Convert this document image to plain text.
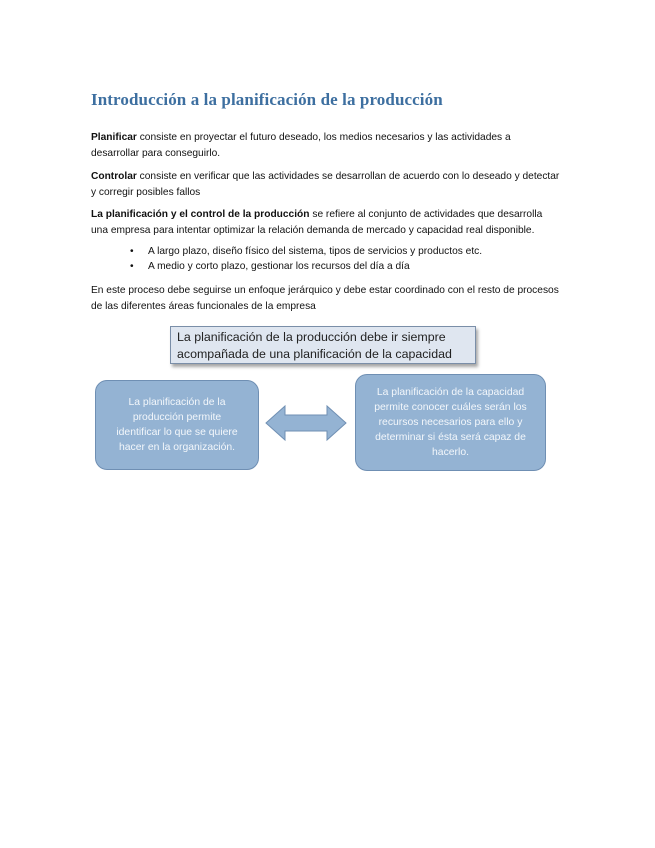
Introducción a la planificación de la producción
Planificar consiste en proyectar el futuro deseado, los medios necesarios y las actividades a desarrollar para conseguirlo.
Controlar consiste en verificar que las actividades se desarrollan de acuerdo con lo deseado y detectar y corregir posibles fallos
La planificación y el control de la producción se refiere al conjunto de actividades que desarrolla una empresa para intentar optimizar la relación demanda de mercado y capacidad real disponible.
• A largo plazo, diseño físico del sistema, tipos de servicios y productos etc.
• A medio y corto plazo, gestionar los recursos del día a día
En este proceso debe seguirse un enfoque jerárquico y debe estar coordinado con el resto de procesos de las diferentes áreas funcionales de la empresa
La planificación de la producción debe ir siempre acompañada de una planificación de la capacidad
La planificación de la producción permite identificar lo que se quiere hacer en la organización.
La planificación de la capacidad permite conocer cuáles serán los recursos necesarios para ello y determinar si ésta será capaz de hacerlo.
